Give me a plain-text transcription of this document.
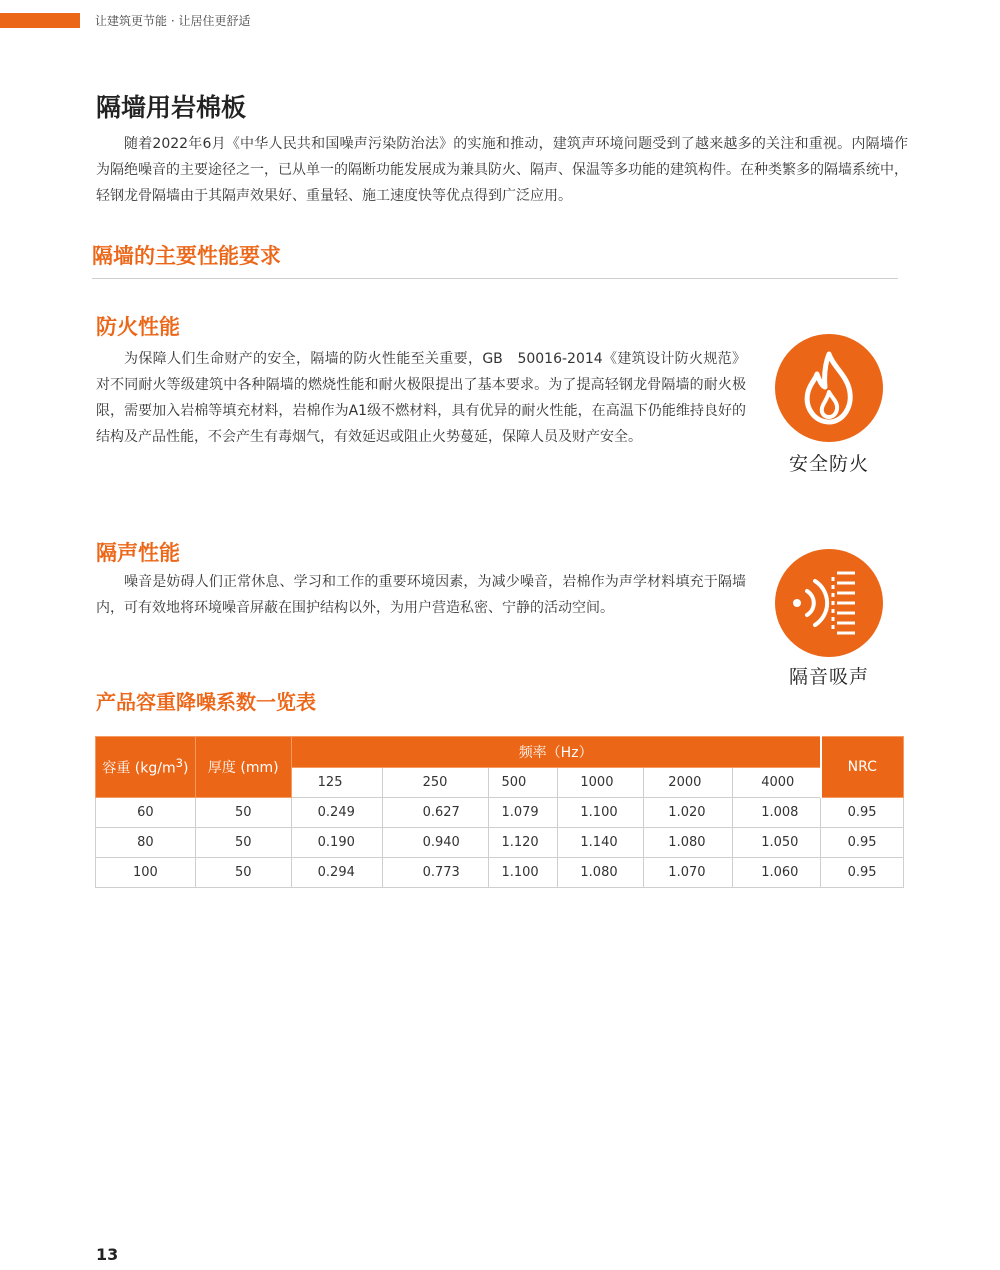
让建筑更节能 · 让居住更舒适
隔墙用岩棉板

随着2022年6月《中华人民共和国噪声污染防治法》的实施和推动，建筑声环境问题受到了越来越多的关注和重视。内隔墙作为隔绝噪音的主要途径之一，已从单一的隔断功能发展成为兼具防火、隔声、保温等多功能的建筑构件。在种类繁多的隔墙系统中，轻钢龙骨隔墙由于其隔声效果好、重量轻、施工速度快等优点得到广泛应用。

隔墙的主要性能要求
防火性能

为保障人们生命财产的安全，隔墙的防火性能至关重要，GB　50016-2014《建筑设计防火规范》对不同耐火等级建筑中各种隔墙的燃烧性能和耐火极限提出了基本要求。为了提高轻钢龙骨隔墙的耐火极限，需要加入岩棉等填充材料，岩棉作为A1级不燃材料，具有优异的耐火性能，在高温下仍能维持良好的结构及产品性能，不会产生有毒烟气，有效延迟或阻止火势蔓延，保障人员及财产安全。

安全防火
隔声性能

噪音是妨碍人们正常休息、学习和工作的重要环境因素，为减少噪音，岩棉作为声学材料填充于隔墙内，可有效地将环境噪音屏蔽在围护结构以外，为用户营造私密、宁静的活动空间。

隔音吸声
产品容重降噪系数一览表
容重 $(kg/m^3)$	厚度 (mm)	频率（Hz）						NRC
		125	250	500	1000	2000	4000	
60	50	0.249	0.627	1.079	1.100	1.020	1.008	0.95
80	50	0.190	0.940	1.120	1.140	1.080	1.050	0.95
100	50	0.294	0.773	1.100	1.080	1.070	1.060	0.95
13
